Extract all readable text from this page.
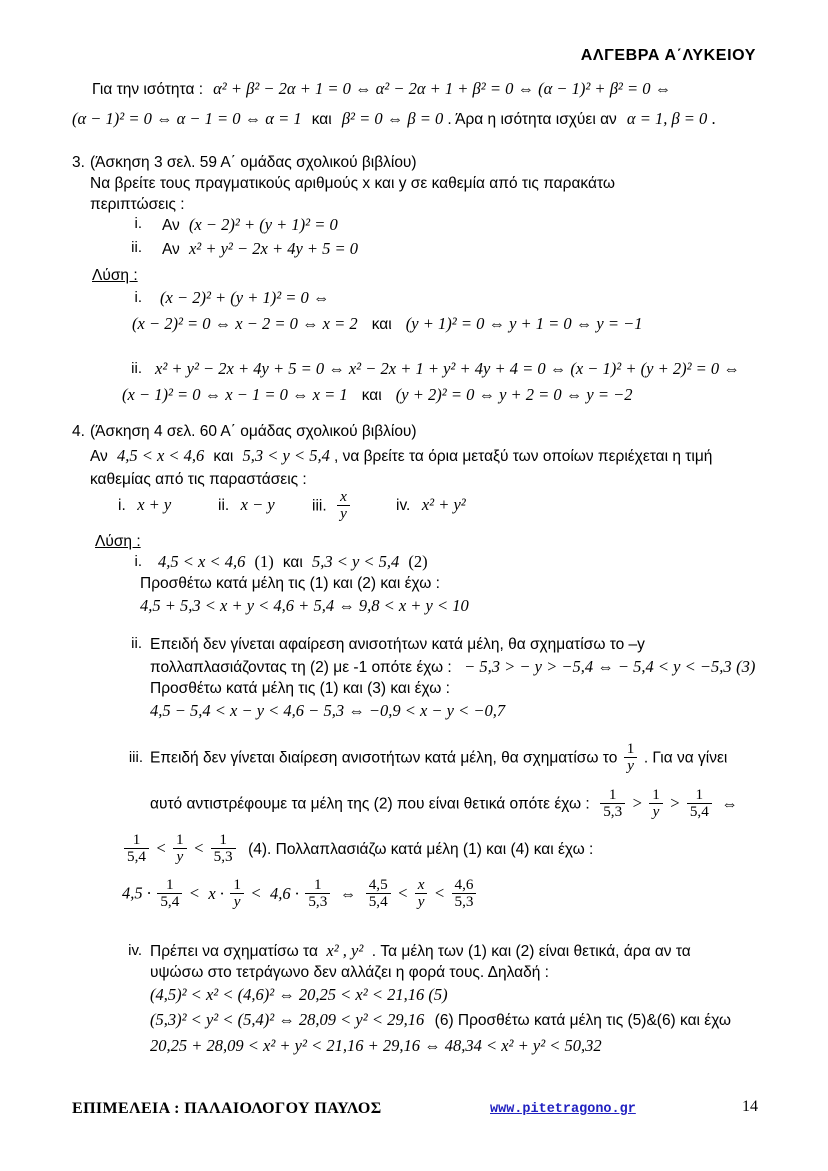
ΑΛΓΕΒΡΑ Α΄ΛΥΚΕΙΟΥ
Για την ισότητα : α² + β² − 2α + 1 = 0 ⇔ α² − 2α + 1 + β² = 0 ⇔ (α − 1)² + β² = 0 ⇔
(α − 1)² = 0 ⇔ α − 1 = 0 ⇔ α = 1 και β² = 0 ⇔ β = 0 . Άρα η ισότητα ισχύει αν α = 1, β = 0 .
3. (Άσκηση 3 σελ. 59 Α΄ ομάδας σχολικού βιβλίου)
Να βρείτε τους πραγματικούς αριθμούς x και y σε καθεμία από τις παρακάτω
περιπτώσεις :
i. Αν (x − 2)² + (y + 1)² = 0
ii. Αν x² + y² − 2x + 4y + 5 = 0
Λύση :
i. (x − 2)² + (y + 1)² = 0 ⇔
(x − 2)² = 0 ⇔ x − 2 = 0 ⇔ x = 2 και (y + 1)² = 0 ⇔ y + 1 = 0 ⇔ y = −1
ii. x² + y² − 2x + 4y + 5 = 0 ⇔ x² − 2x + 1 + y² + 4y + 4 = 0 ⇔ (x − 1)² + (y + 2)² = 0 ⇔
(x − 1)² = 0 ⇔ x − 1 = 0 ⇔ x = 1 και (y + 2)² = 0 ⇔ y + 2 = 0 ⇔ y = −2
4. (Άσκηση 4 σελ. 60 Α΄ ομάδας σχολικού βιβλίου)
Αν 4,5 < x < 4,6 και 5,3 < y < 5,4 , να βρείτε τα όρια μεταξύ των οποίων περιέχεται η τιμή
καθεμίας από τις παραστάσεις :
i. x + y	ii. x − y iii. $\frac{x}{y}$	iv. x² + y²
Λύση :
i. 4,5 < x < 4,6 (1) και 5,3 < y < 5,4 (2)
Προσθέτω κατά μέλη τις (1) και (2) και έχω :
4,5 + 5,3 < x + y < 4,6 + 5,4 ⇔ 9,8 < x + y < 10
ii. Επειδή δεν γίνεται αφαίρεση ανισοτήτων κατά μέλη, θα σχηματίσω το –y
πολλαπλασιάζοντας τη (2) με -1 οπότε έχω : − 5,3 > − y > −5,4 ⇔ − 5,4 < y < −5,3 (3)
Προσθέτω κατά μέλη τις (1) και (3) και έχω :
4,5 − 5,4 < x − y < 4,6 − 5,3 ⇔ −0,9 < x − y < −0,7
iii. Επειδή δεν γίνεται διαίρεση ανισοτήτων κατά μέλη, θα σχηματίσω το $\frac{1}{y}$ . Για να γίνει
αυτό αντιστρέφουμε τα μέλη της (2) που είναι θετικά οπότε έχω : $\frac{1}{5,3} > \frac{1}{y} > \frac{1}{5,4}$ ⇔
$\frac{1}{5,4} < \frac{1}{y} < \frac{1}{5,3} (4)$. Πολλαπλασιάζω κατά μέλη (1) και (4) και έχω :
$4,5 \cdot \frac{1}{5,4} < x \cdot \frac{1}{y} < 4,6 \cdot \frac{1}{5,3}$ ⇔ $\frac{4,5}{5,4} < \frac{x}{y} < \frac{4,6}{5,3}$
iv. Πρέπει να σχηματίσω τα x² , y² . Τα μέλη των (1) και (2) είναι θετικά, άρα αν τα
υψώσω στο τετράγωνο δεν αλλάζει η φορά τους. Δηλαδή :
(4,5)² < x² < (4,6)² ⇔ 20,25 < x² < 21,16 (5)
(5,3)² < y² < (5,4)² ⇔ 28,09 < y² < 29,16 (6) Προσθέτω κατά μέλη τις (5)&(6) και έχω
20,25 + 28,09 < x² + y² < 21,16 + 29,16 ⇔ 48,34 < x² + y² < 50,32
ΕΠΙΜΕΛΕΙΑ : ΠΑΛΑΙΟΛΟΓΟΥ ΠΑΥΛΟΣ	www.pitetragono.gr	14
